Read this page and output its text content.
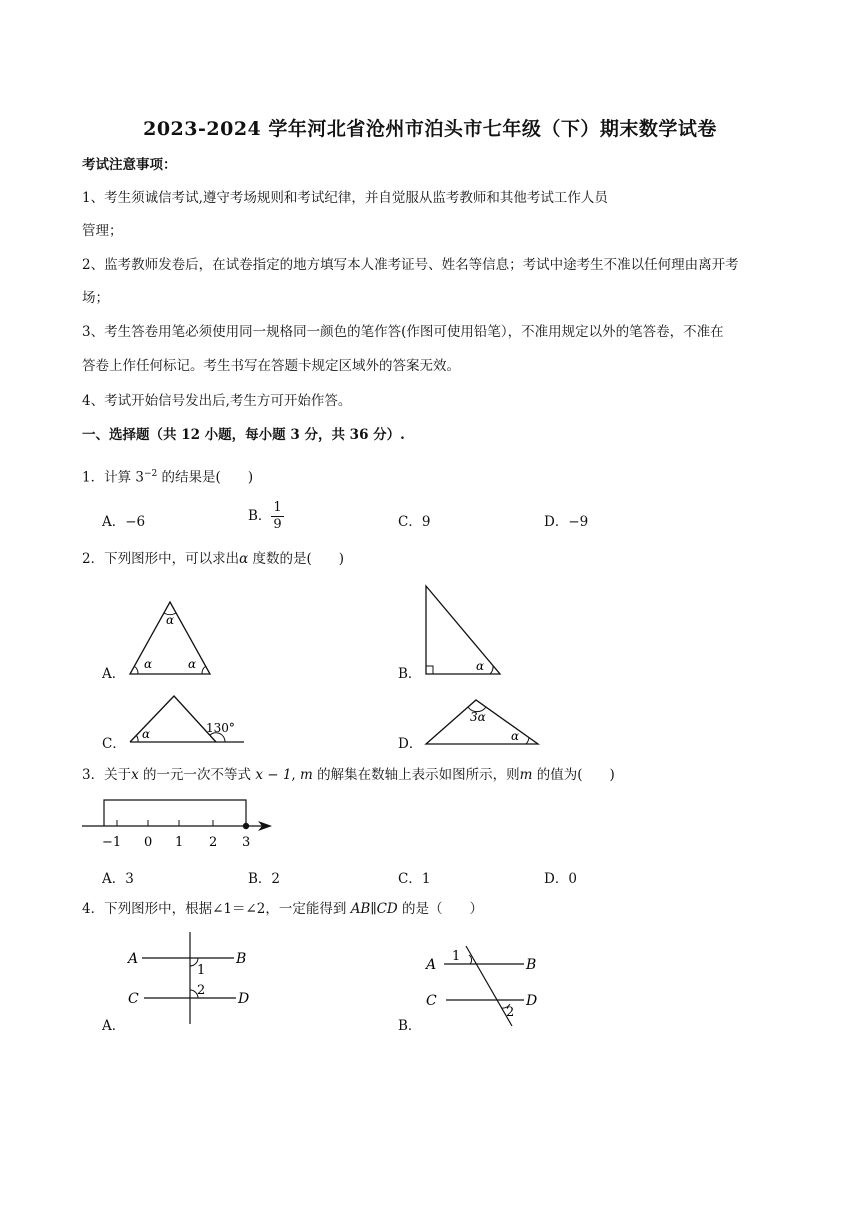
2023-2024 学年河北省沧州市泊头市七年级（下）期末数学试卷
考试注意事项：
1、考生须诚信考试,遵守考场规则和考试纪律，并自觉服从监考教师和其他考试工作人员
管理；
2、监考教师发卷后，在试卷指定的地方填写本人准考证号、姓名等信息；考试中途考生不准以任何理由离开考
场；
3、考生答卷用笔必须使用同一规格同一颜色的笔作答(作图可使用铅笔），不准用规定以外的笔答卷，不准在
答卷上作任何标记。考生书写在答题卡规定区域外的答案无效。
4、考试开始信号发出后,考生方可开始作答。
一、选择题（共 12 小题，每小题 3 分，共 36 分）.
1．计算 $3^{-2}$ 的结果是(　　)
A．−6	B． $\frac{1}{9}$	C．9	D．−9
2．下列图形中，可以求出α 度数的是(　　)
A．
α
α	α
B．	α
C．
α	130°
D．
3α
α
3．关于x 的一元一次不等式 x − 1, m 的解集在数轴上表示如图所示，则m 的值为(　　)
−1 0 1 2 3
A．3	B．2	C．1	D．0
4．下列图形中，根据∠1＝∠2，一定能得到 AB∥CD 的是（　　）
A．
A	B
C	D
1
2
B．
A	B
C	D
1
2
